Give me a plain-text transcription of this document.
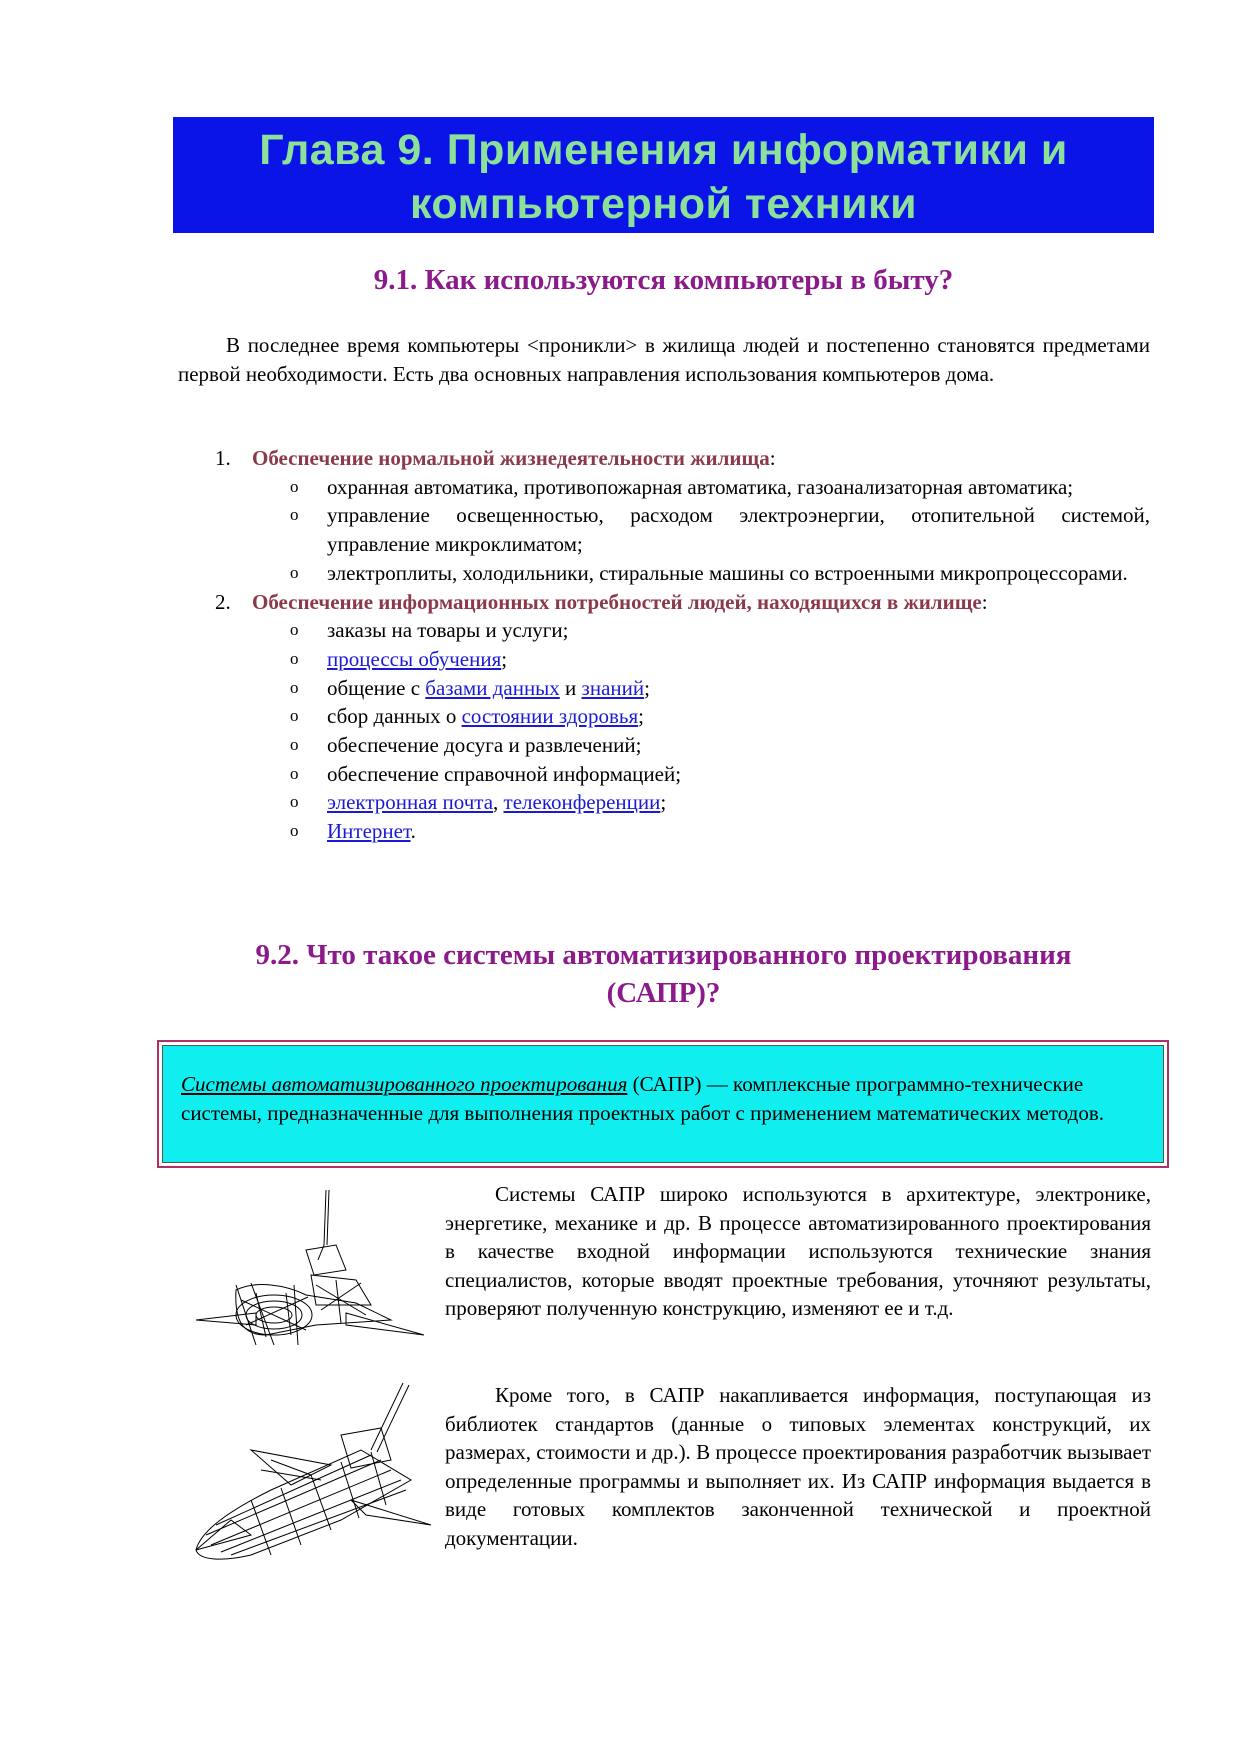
Глава 9. Применения информатики и
компьютерной техники
9.1. Как используются компьютеры в быту?

В последнее время компьютеры <проникли> в жилища людей и постепенно становятся предметами первой необходимости. Есть два основных направления использования компьютеров дома.

1. Обеспечение нормальной жизнедеятельности жилища:
o охранная автоматика, противопожарная автоматика, газоанализаторная автоматика;
o управление освещенностью, расходом электроэнергии, отопительной системой, управление микроклиматом;
o электроплиты, холодильники, стиральные машины со встроенными микропроцессорами.
2. Обеспечение информационных потребностей людей, находящихся в жилище:
o заказы на товары и услуги;
o процессы обучения;
o общение с базами данных и знаний;
o сбор данных о состоянии здоровья;
o обеспечение досуга и развлечений;
o обеспечение справочной информацией;
o электронная почта, телеконференции;
o Интернет.
9.2. Что такое системы автоматизированного проектирования
(САПР)?
Системы автоматизированного проектирования (САПР) — комплексные программно-технические системы, предназначенные для выполнения проектных работ с применением математических методов.

Системы САПР широко используются в архитектуре, электронике, энергетике, механике и др. В процессе автоматизированного проектирования в качестве входной информации используются технические знания специалистов, которые вводят проектные требования, уточняют результаты, проверяют полученную конструкцию, изменяют ее и т.д.

Кроме того, в САПР накапливается информация, поступающая из библиотек стандартов (данные о типовых элементах конструкций, их размерах, стоимости и др.). В процессе проектирования разработчик вызывает определенные программы и выполняет их. Из САПР информация выдается в виде готовых комплектов законченной технической и проектной документации.
